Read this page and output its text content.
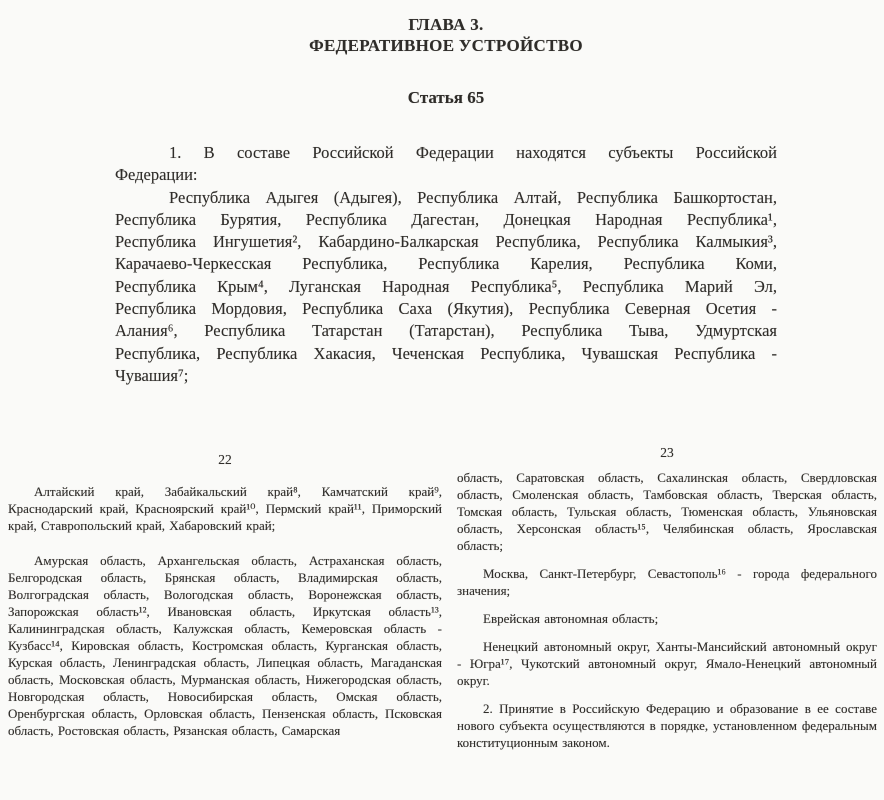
ГЛАВА 3.
ФЕДЕРАТИВНОЕ УСТРОЙСТВО
Статья 65

1. В составе Российской Федерации находятся субъекты Российской Федерации:

Республика Адыгея (Адыгея), Республика Алтай, Республика Башкортостан, Республика Бурятия, Республика Дагестан, Донецкая Народная Республика¹, Республика Ингушетия², Кабардино-Балкарская Республика, Республика Калмыкия³, Карачаево-Черкесская Республика, Республика Карелия, Республика Коми, Республика Крым⁴, Луганская Народная Республика⁵, Республика Марий Эл, Республика Мордовия, Республика Саха (Якутия), Республика Северная Осетия - Алания⁶, Республика Татарстан (Татарстан), Республика Тыва, Удмуртская Республика, Республика Хакасия, Чеченская Республика, Чувашская Республика - Чувашия⁷;

22

Алтайский край, Забайкальский край⁸, Камчатский край⁹, Краснодарский край, Красноярский край¹⁰, Пермский край¹¹, Приморский край, Ставропольский край, Хабаровский край;

Амурская область, Архангельская область, Астраханская область, Белгородская область, Брянская область, Владимирская область, Волгоградская область, Вологодская область, Воронежская область, Запорожская область¹², Ивановская область, Иркутская область¹³, Калининградская область, Калужская область, Кемеровская область - Кузбасс¹⁴, Кировская область, Костромская область, Курганская область, Курская область, Ленинградская область, Липецкая область, Магаданская область, Московская область, Мурманская область, Нижегородская область, Новгородская область, Новосибирская область, Омская область, Оренбургская область, Орловская область, Пензенская область, Псковская область, Ростовская область, Рязанская область, Самарская

23

область, Саратовская область, Сахалинская область, Свердловская область, Смоленская область, Тамбовская область, Тверская область, Томская область, Тульская область, Тюменская область, Ульяновская область, Херсонская область¹⁵, Челябинская область, Ярославская область;

Москва, Санкт-Петербург, Севастополь¹⁶ - города федерального значения;

Еврейская автономная область;

Ненецкий автономный округ, Ханты-Мансийский автономный округ - Югра¹⁷, Чукотский автономный округ, Ямало-Ненецкий автономный округ.

2. Принятие в Российскую Федерацию и образование в ее составе нового субъекта осуществляются в порядке, установленном федеральным конституционным законом.
